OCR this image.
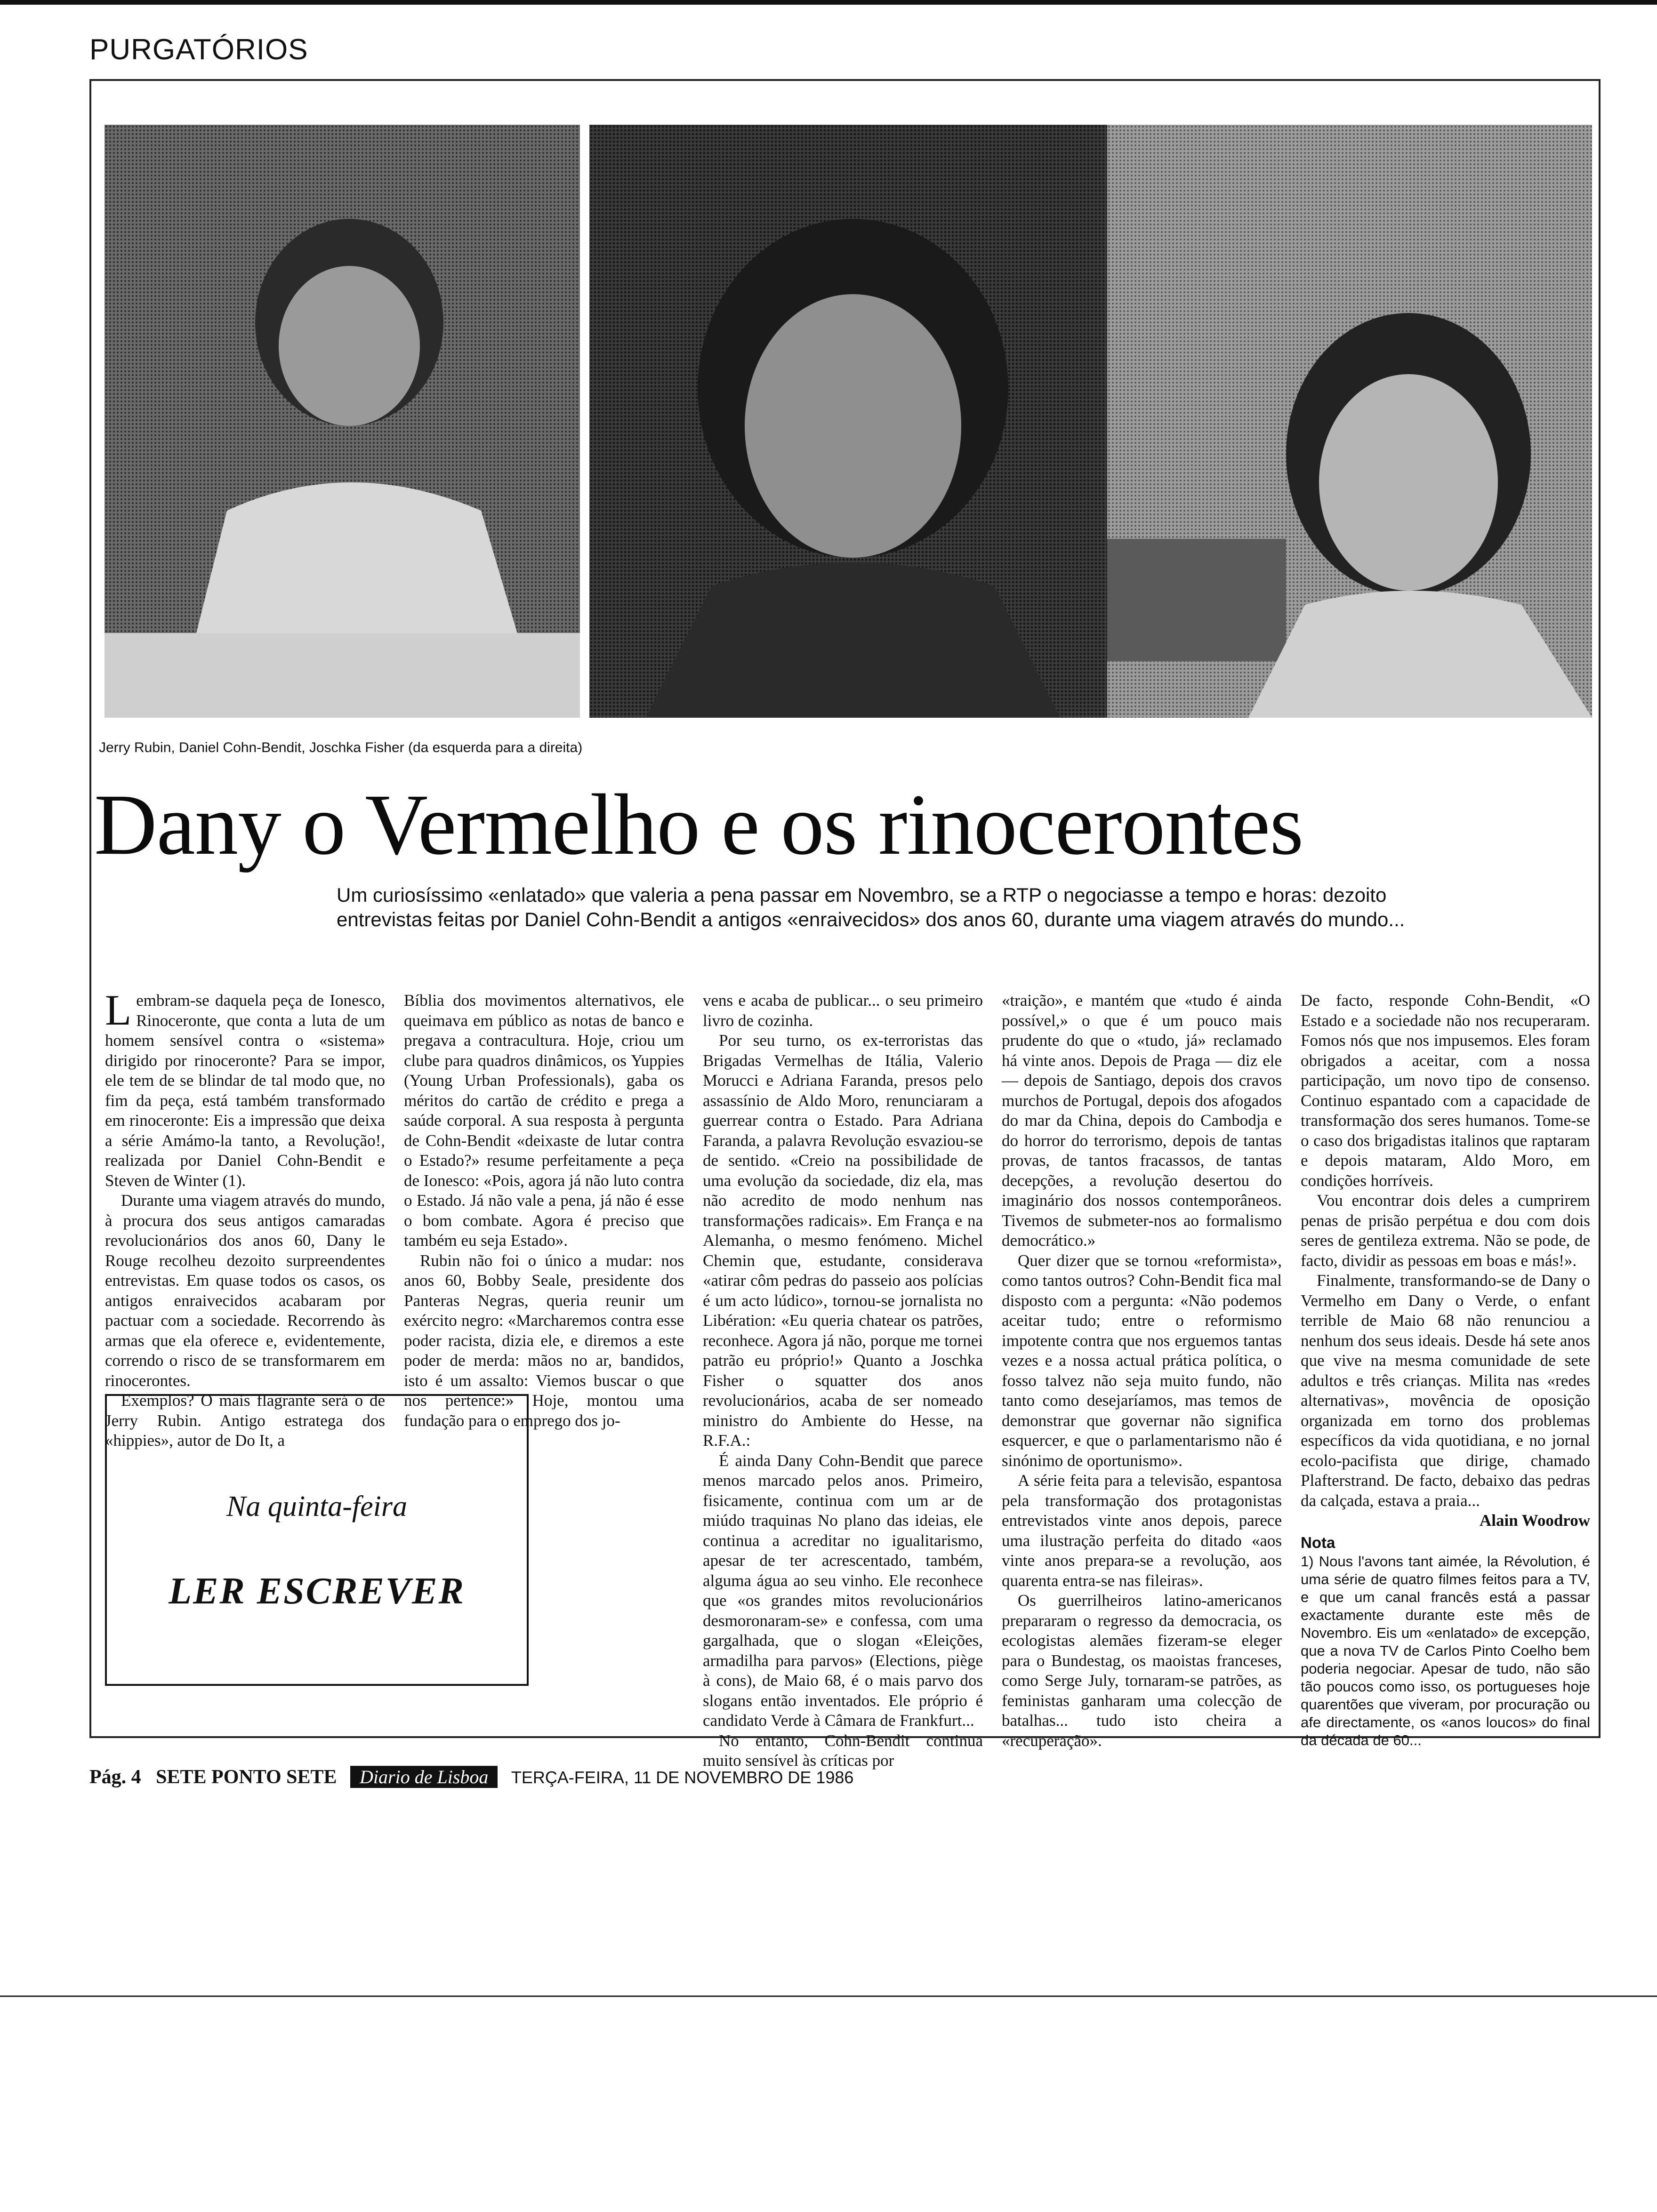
PURGATÓRIOS
Jerry Rubin, Daniel Cohn-Bendit, Joschka Fisher (da esquerda para a direita)
Dany o Vermelho e os rinocerontes
Um curiosíssimo «enlatado» que valeria a pena passar em Novembro, se a RTP o negociasse a tempo e horas: dezoito entrevistas feitas por Daniel Cohn-Bendit a antigos «enraivecidos» dos anos 60, durante uma viagem através do mundo...

Lembram-se daquela peça de Ionesco, Rinoceronte, que conta a luta de um homem sensível contra o «sistema» dirigido por rinoceronte? Para se impor, ele tem de se blindar de tal modo que, no fim da peça, está também transformado em rinoceronte: Eis a impressão que deixa a série Amámo-la tanto, a Revolução!, realizada por Daniel Cohn-Bendit e Steven de Winter (1).

Durante uma viagem através do mundo, à procura dos seus antigos camaradas revolucionários dos anos 60, Dany le Rouge recolheu dezoito surpreendentes entrevistas. Em quase todos os casos, os antigos enraivecidos acabaram por pactuar com a sociedade. Recorrendo às armas que ela oferece e, evidentemente, correndo o risco de se transformarem em rinocerontes.

Exemplos? O mais flagrante será o de Jerry Rubin. Antigo estratega dos «hippies», autor de Do It, a

Bíblia dos movimentos alternativos, ele queimava em público as notas de banco e pregava a contracultura. Hoje, criou um clube para quadros dinâmicos, os Yuppies (Young Urban Professionals), gaba os méritos do cartão de crédito e prega a saúde corporal. A sua resposta à pergunta de Cohn-Bendit «deixaste de lutar contra o Estado?» resume perfeitamente a peça de Ionesco: «Pois, agora já não luto contra o Estado. Já não vale a pena, já não é esse o bom combate. Agora é preciso que também eu seja Estado».

Rubin não foi o único a mudar: nos anos 60, Bobby Seale, presidente dos Panteras Negras, queria reunir um exército negro: «Marcharemos contra esse poder racista, dizia ele, e diremos a este poder de merda: mãos no ar, bandidos, isto é um assalto: Viemos buscar o que nos pertence:» Hoje, montou uma fundação para o emprego dos jo-

vens e acaba de publicar... o seu primeiro livro de cozinha.

Por seu turno, os ex-terroristas das Brigadas Vermelhas de Itália, Valerio Morucci e Adriana Faranda, presos pelo assassínio de Aldo Moro, renunciaram a guerrear contra o Estado. Para Adriana Faranda, a palavra Revolução esvaziou-se de sentido. «Creio na possibilidade de uma evolução da sociedade, diz ela, mas não acredito de modo nenhum nas transformações radicais». Em França e na Alemanha, o mesmo fenómeno. Michel Chemin que, estudante, considerava «atirar côm pedras do passeio aos polícias é um acto lúdico», tornou-se jornalista no Libération: «Eu queria chatear os patrões, reconhece. Agora já não, porque me tornei patrão eu próprio!» Quanto a Joschka Fisher o squatter dos anos revolucionários, acaba de ser nomeado ministro do Ambiente do Hesse, na R.F.A.:

É ainda Dany Cohn-Bendit que parece menos marcado pelos anos. Primeiro, fisicamente, continua com um ar de miúdo traquinas No plano das ideias, ele continua a acreditar no igualitarismo, apesar de ter acrescentado, também, alguma água ao seu vinho. Ele reconhece que «os grandes mitos revolucionários desmoronaram-se» e confessa, com uma gargalhada, que o slogan «Eleições, armadilha para parvos» (Elections, piège à cons), de Maio 68, é o mais parvo dos slogans então inventados. Ele próprio é candidato Verde à Câmara de Frankfurt...

No entanto, Cohn-Bendit continua muito sensível às críticas por

«traição», e mantém que «tudo é ainda possível,» o que é um pouco mais prudente do que o «tudo, já» reclamado há vinte anos. Depois de Praga — diz ele — depois de Santiago, depois dos cravos murchos de Portugal, depois dos afogados do mar da China, depois do Cambodja e do horror do terrorismo, depois de tantas provas, de tantos fracassos, de tantas decepções, a revolução desertou do imaginário dos nossos contemporâneos. Tivemos de submeter-nos ao formalismo democrático.»

Quer dizer que se tornou «reformista», como tantos outros? Cohn-Bendit fica mal disposto com a pergunta: «Não podemos aceitar tudo; entre o reformismo impotente contra que nos erguemos tantas vezes e a nossa actual prática política, o fosso talvez não seja muito fundo, não tanto como desejaríamos, mas temos de demonstrar que governar não significa esquercer, e que o parlamentarismo não é sinónimo de oportunismo».

A série feita para a televisão, espantosa pela transformação dos protagonistas entrevistados vinte anos depois, parece uma ilustração perfeita do ditado «aos vinte anos prepara-se a revolução, aos quarenta entra-se nas fileiras».

Os guerrilheiros latino-americanos prepararam o regresso da democracia, os ecologistas alemães fizeram-se eleger para o Bundestag, os maoistas franceses, como Serge July, tornaram-se patrões, as feministas ganharam uma colecção de batalhas... tudo isto cheira a «recuperação».

De facto, responde Cohn-Bendit, «O Estado e a sociedade não nos recuperaram. Fomos nós que nos impusemos. Eles foram obrigados a aceitar, com a nossa participação, um novo tipo de consenso. Continuo espantado com a capacidade de transformação dos seres humanos. Tome-se o caso dos brigadistas italinos que raptaram e depois mataram, Aldo Moro, em condições horríveis.

Vou encontrar dois deles a cumprirem penas de prisão perpétua e dou com dois seres de gentileza extrema. Não se pode, de facto, dividir as pessoas em boas e más!».

Finalmente, transformando-se de Dany o Vermelho em Dany o Verde, o enfant terrible de Maio 68 não renunciou a nenhum dos seus ideais. Desde há sete anos que vive na mesma comunidade de sete adultos e três crianças. Milita nas «redes alternativas», movência de oposição organizada em torno dos problemas específicos da vida quotidiana, e no jornal ecolo-pacifista que dirige, chamado Plafterstrand. De facto, debaixo das pedras da calçada, estava a praia...

Alain Woodrow

Nota
1) Nous l'avons tant aimée, la Révolution, é uma série de quatro filmes feitos para a TV, e que um canal francês está a passar exactamente durante este mês de Novembro. Eis um «enlatado» de excepção, que a nova TV de Carlos Pinto Coelho bem poderia negociar. Apesar de tudo, não são tão poucos como isso, os portugueses hoje quarentões que viveram, por procuração ou afe directamente, os «anos loucos» do final da década de 60...
Na quinta-feira
LER ESCREVER
Pág. 4 SETE PONTO SETE Diario de Lisboa TERÇA-FEIRA, 11 DE NOVEMBRO DE 1986
